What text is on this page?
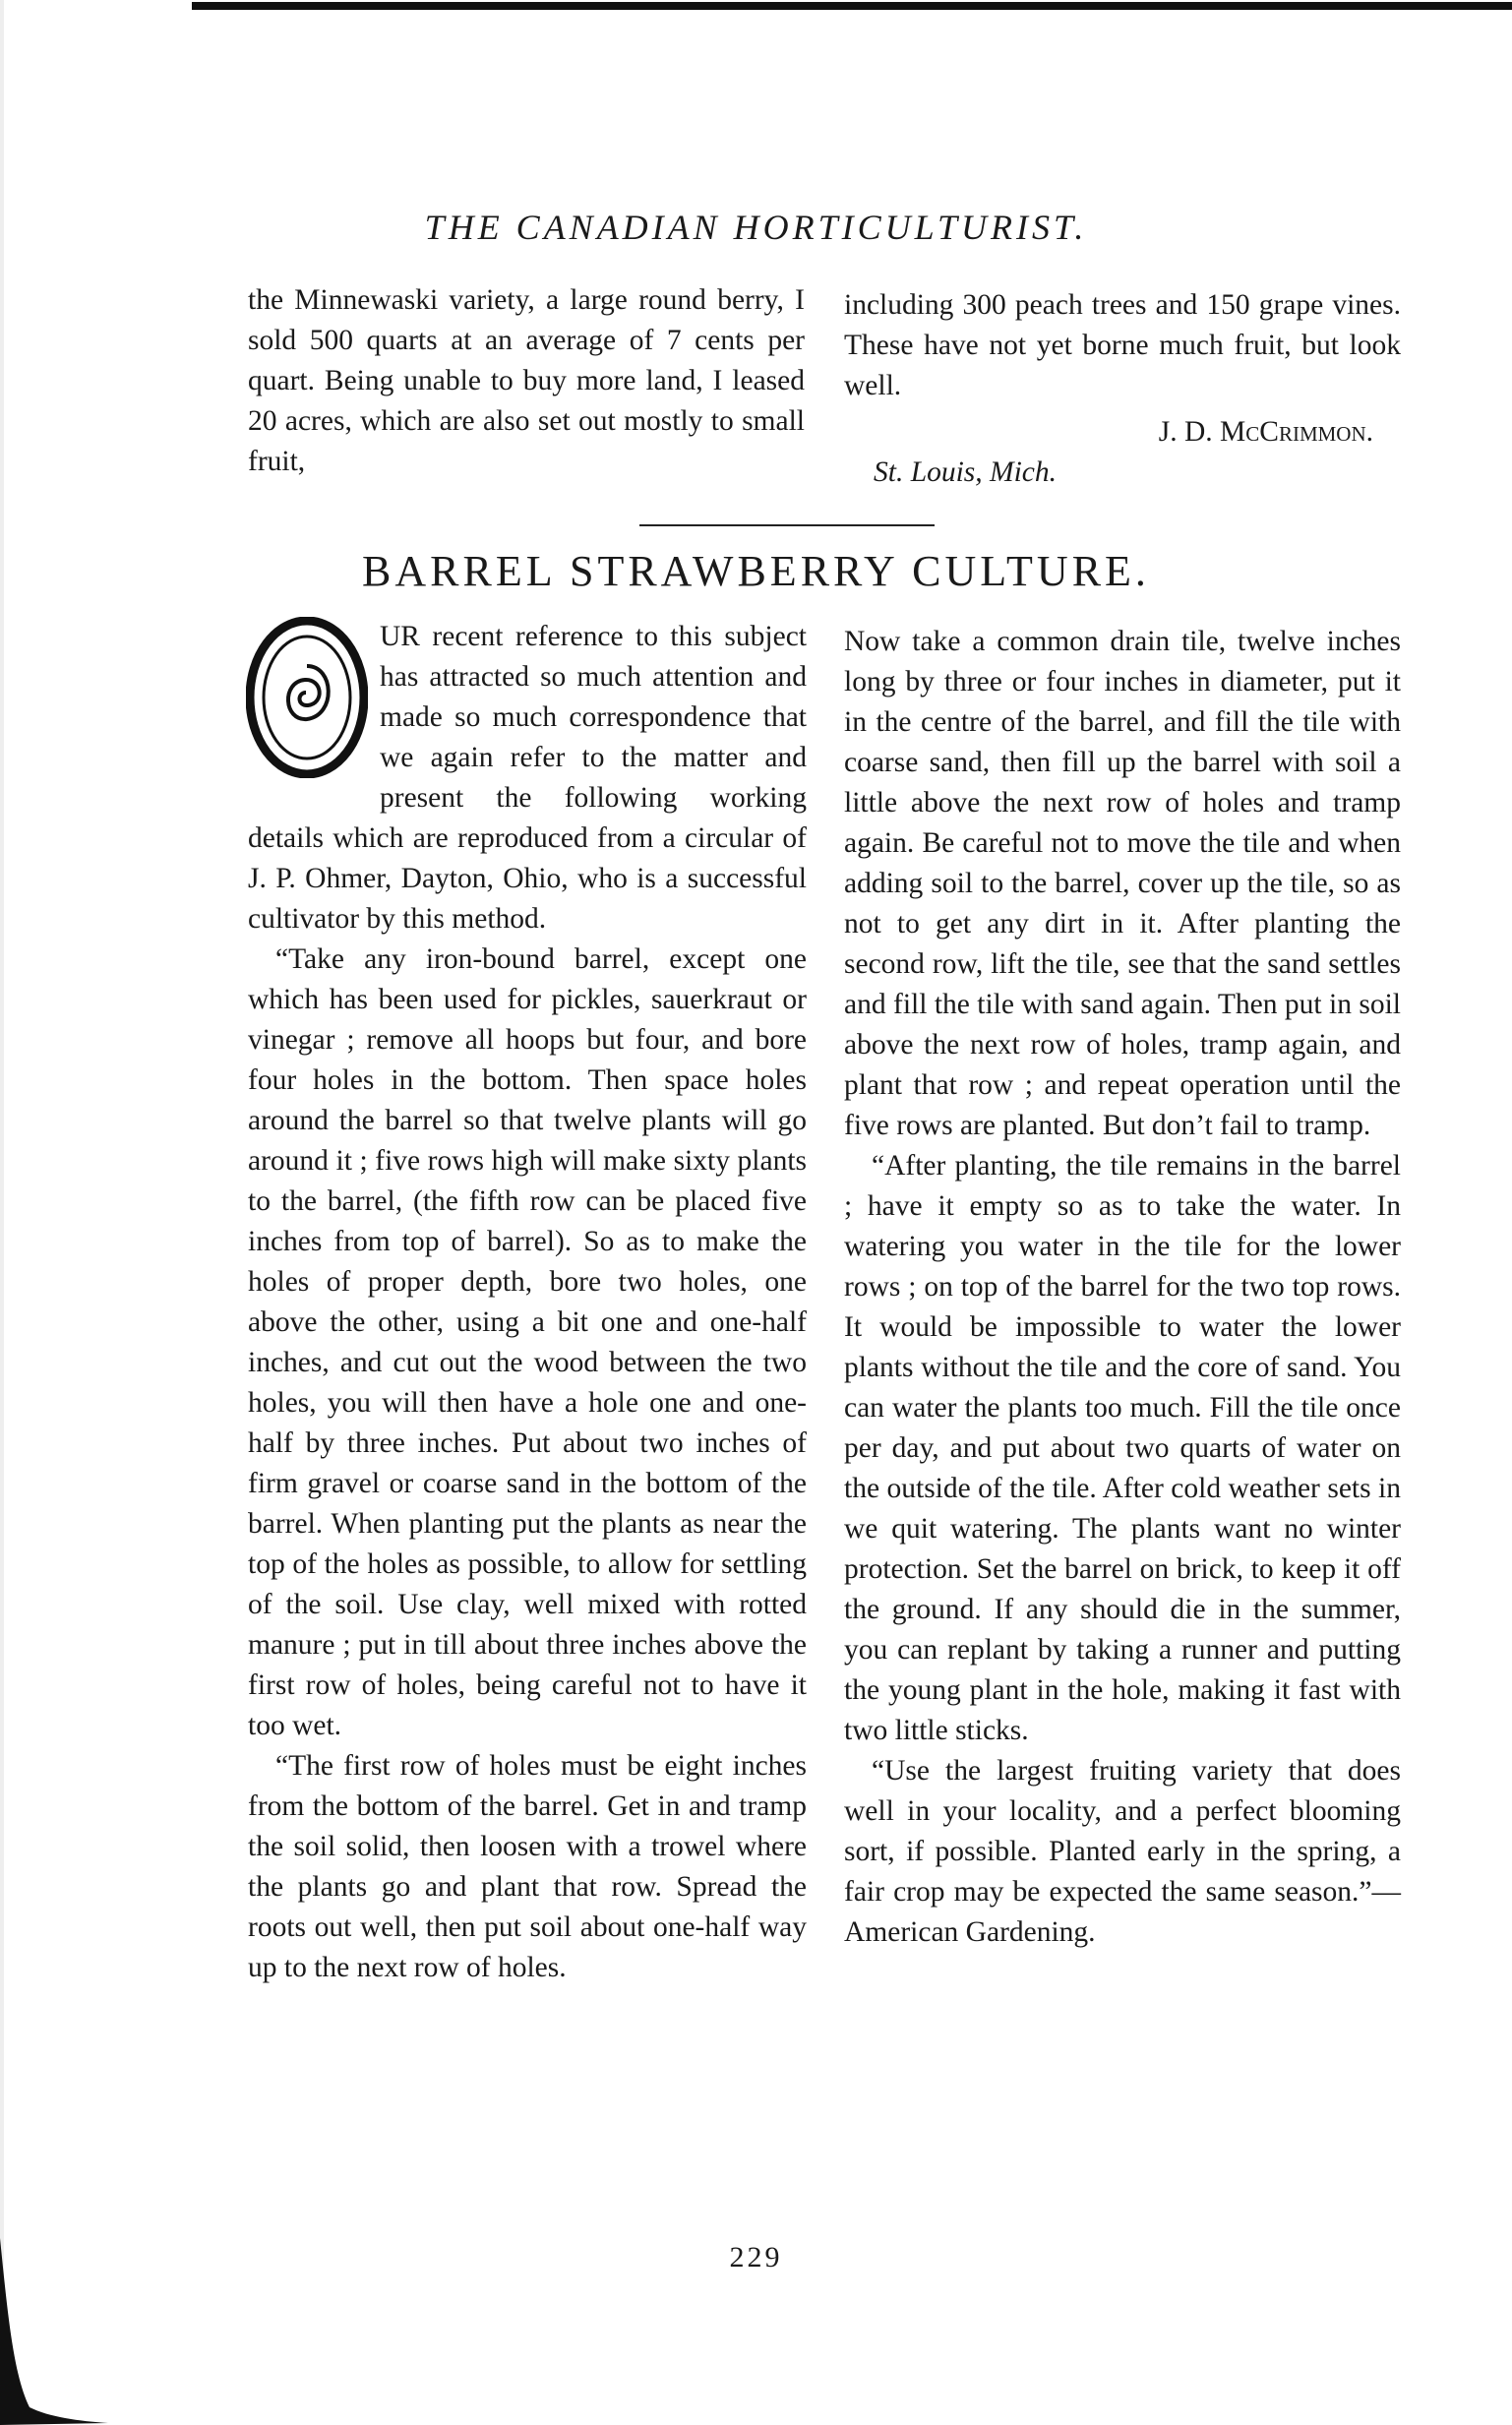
THE CANADIAN HORTICULTURIST.

the Minnewaski variety, a large round berry, I sold 500 quarts at an average of 7 cents per quart. Being unable to buy more land, I leased 20 acres, which are also set out mostly to small fruit,

including 300 peach trees and 150 grape vines. These have not yet borne much fruit, but look well.

J. D. McCrimmon.

St. Louis, Mich.

BARREL STRAWBERRY CULTURE.
O

UR recent reference to this subject has attracted so much attention and made so much correspondence that we again refer to the matter and present the following working details which are reproduced from a circular of J. P. Ohmer, Dayton, Ohio, who is a successful cultivator by this method.

“Take any iron-bound barrel, except one which has been used for pickles, sauerkraut or vinegar ; remove all hoops but four, and bore four holes in the bottom. Then space holes around the barrel so that twelve plants will go around it ; five rows high will make sixty plants to the barrel, (the fifth row can be placed five inches from top of barrel). So as to make the holes of proper depth, bore two holes, one above the other, using a bit one and one-half inches, and cut out the wood between the two holes, you will then have a hole one and one-half by three inches. Put about two inches of firm gravel or coarse sand in the bottom of the barrel. When planting put the plants as near the top of the holes as possible, to allow for settling of the soil. Use clay, well mixed with rotted manure ; put in till about three inches above the first row of holes, being careful not to have it too wet.

“The first row of holes must be eight inches from the bottom of the barrel. Get in and tramp the soil solid, then loosen with a trowel where the plants go and plant that row. Spread the roots out well, then put soil about one-half way up to the next row of holes.

Now take a common drain tile, twelve inches long by three or four inches in diameter, put it in the centre of the barrel, and fill the tile with coarse sand, then fill up the barrel with soil a little above the next row of holes and tramp again. Be careful not to move the tile and when adding soil to the barrel, cover up the tile, so as not to get any dirt in it. After planting the second row, lift the tile, see that the sand settles and fill the tile with sand again. Then put in soil above the next row of holes, tramp again, and plant that row ; and repeat operation until the five rows are planted. But don’t fail to tramp.

“After planting, the tile remains in the barrel ; have it empty so as to take the water. In watering you water in the tile for the lower rows ; on top of the barrel for the two top rows. It would be impossible to water the lower plants without the tile and the core of sand. You can water the plants too much. Fill the tile once per day, and put about two quarts of water on the outside of the tile. After cold weather sets in we quit watering. The plants want no winter protection. Set the barrel on brick, to keep it off the ground. If any should die in the summer, you can replant by taking a runner and putting the young plant in the hole, making it fast with two little sticks.

“Use the largest fruiting variety that does well in your locality, and a perfect blooming sort, if possible. Planted early in the spring, a fair crop may be expected the same season.”—American Gardening.

229
